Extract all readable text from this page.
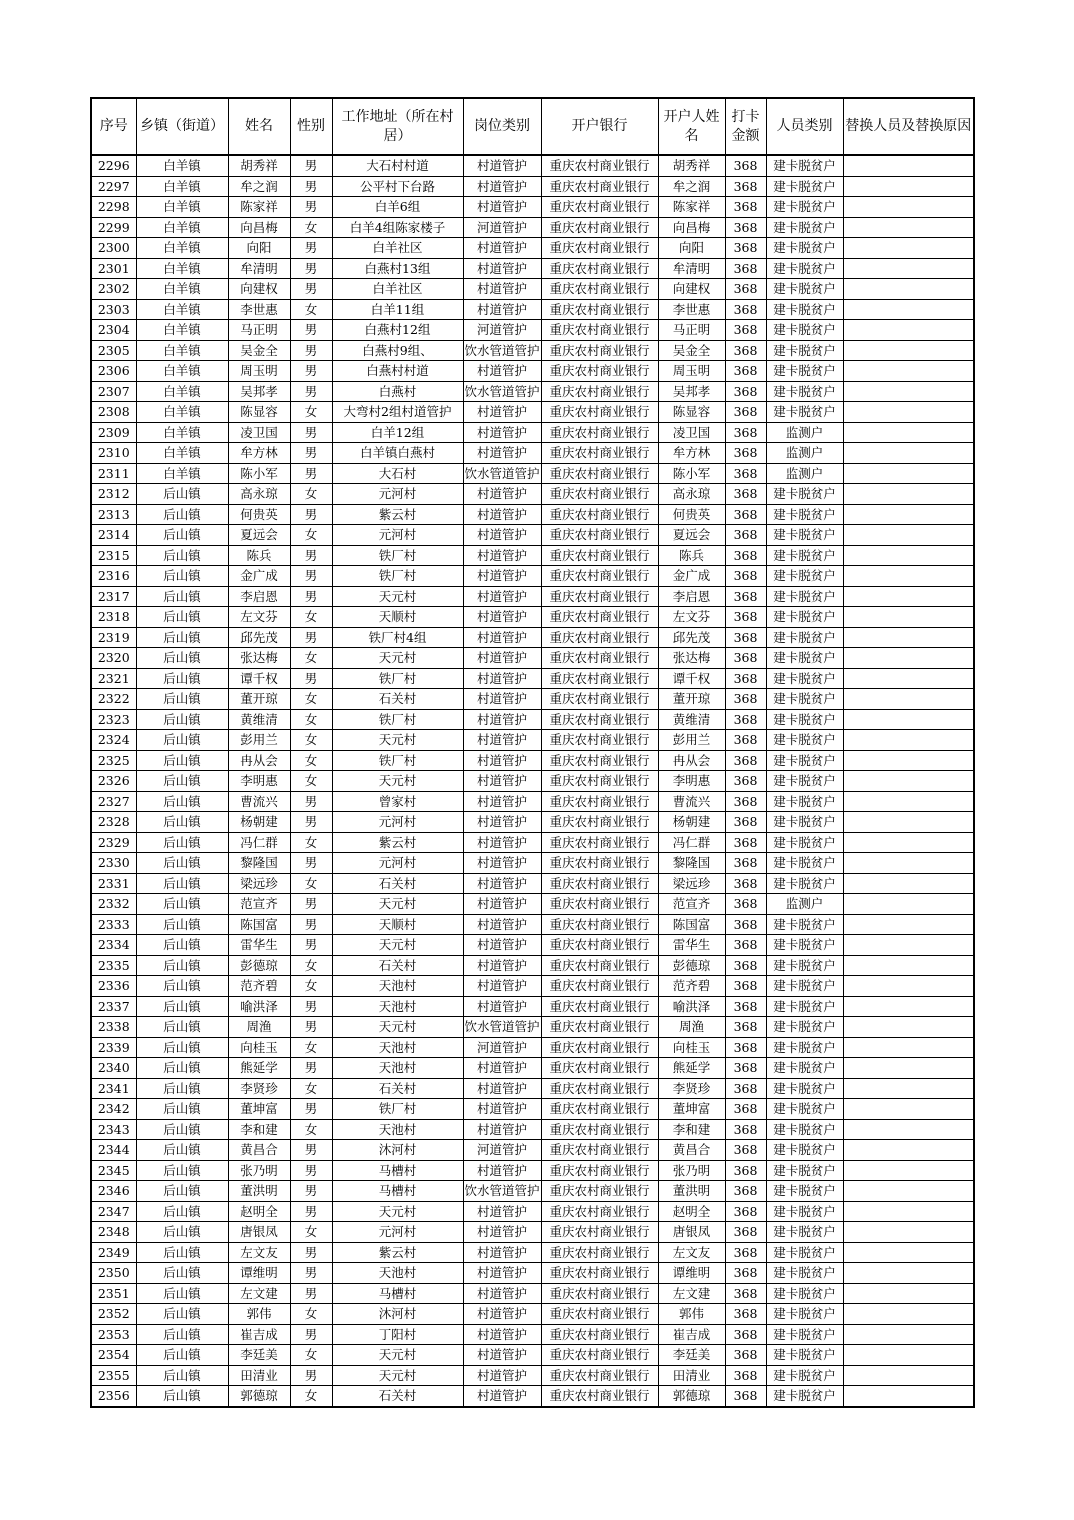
序号	乡镇（街道）	姓名	性别	工作地址（所在村居）	岗位类别	开户银行	开户人姓名	打卡金额	人员类别	替换人员及替换原因
2296	白羊镇	胡秀祥	男	大石村村道	村道管护	重庆农村商业银行	胡秀祥	368	建卡脱贫户	
2297	白羊镇	牟之润	男	公平村下台路	村道管护	重庆农村商业银行	牟之润	368	建卡脱贫户	
2298	白羊镇	陈家祥	男	白羊6组	村道管护	重庆农村商业银行	陈家祥	368	建卡脱贫户	
2299	白羊镇	向昌梅	女	白羊4组陈家楼子	河道管护	重庆农村商业银行	向昌梅	368	建卡脱贫户	
2300	白羊镇	向阳	男	白羊社区	村道管护	重庆农村商业银行	向阳	368	建卡脱贫户	
2301	白羊镇	牟清明	男	白燕村13组	村道管护	重庆农村商业银行	牟清明	368	建卡脱贫户	
2302	白羊镇	向建权	男	白羊社区	村道管护	重庆农村商业银行	向建权	368	建卡脱贫户	
2303	白羊镇	李世惠	女	白羊11组	村道管护	重庆农村商业银行	李世惠	368	建卡脱贫户	
2304	白羊镇	马正明	男	白燕村12组	河道管护	重庆农村商业银行	马正明	368	建卡脱贫户	
2305	白羊镇	吴金全	男	白燕村9组、	饮水管道管护	重庆农村商业银行	吴金全	368	建卡脱贫户	
2306	白羊镇	周玉明	男	白燕村村道	村道管护	重庆农村商业银行	周玉明	368	建卡脱贫户	
2307	白羊镇	吴邦孝	男	白燕村	饮水管道管护	重庆农村商业银行	吴邦孝	368	建卡脱贫户	
2308	白羊镇	陈显容	女	大弯村2组村道管护	村道管护	重庆农村商业银行	陈显容	368	建卡脱贫户	
2309	白羊镇	凌卫国	男	白羊12组	村道管护	重庆农村商业银行	凌卫国	368	监测户	
2310	白羊镇	牟方林	男	白羊镇白燕村	村道管护	重庆农村商业银行	牟方林	368	监测户	
2311	白羊镇	陈小军	男	大石村	饮水管道管护	重庆农村商业银行	陈小军	368	监测户	
2312	后山镇	高永琼	女	元河村	村道管护	重庆农村商业银行	高永琼	368	建卡脱贫户	
2313	后山镇	何贵英	男	紫云村	村道管护	重庆农村商业银行	何贵英	368	建卡脱贫户	
2314	后山镇	夏远会	女	元河村	村道管护	重庆农村商业银行	夏远会	368	建卡脱贫户	
2315	后山镇	陈兵	男	铁厂村	村道管护	重庆农村商业银行	陈兵	368	建卡脱贫户	
2316	后山镇	金广成	男	铁厂村	村道管护	重庆农村商业银行	金广成	368	建卡脱贫户	
2317	后山镇	李启恩	男	天元村	村道管护	重庆农村商业银行	李启恩	368	建卡脱贫户	
2318	后山镇	左文芬	女	天顺村	村道管护	重庆农村商业银行	左文芬	368	建卡脱贫户	
2319	后山镇	邱先茂	男	铁厂村4组	村道管护	重庆农村商业银行	邱先茂	368	建卡脱贫户	
2320	后山镇	张达梅	女	天元村	村道管护	重庆农村商业银行	张达梅	368	建卡脱贫户	
2321	后山镇	谭千权	男	铁厂村	村道管护	重庆农村商业银行	谭千权	368	建卡脱贫户	
2322	后山镇	董开琼	女	石关村	村道管护	重庆农村商业银行	董开琼	368	建卡脱贫户	
2323	后山镇	黄维清	女	铁厂村	村道管护	重庆农村商业银行	黄维清	368	建卡脱贫户	
2324	后山镇	彭用兰	女	天元村	村道管护	重庆农村商业银行	彭用兰	368	建卡脱贫户	
2325	后山镇	冉从会	女	铁厂村	村道管护	重庆农村商业银行	冉从会	368	建卡脱贫户	
2326	后山镇	李明惠	女	天元村	村道管护	重庆农村商业银行	李明惠	368	建卡脱贫户	
2327	后山镇	曹流兴	男	曾家村	村道管护	重庆农村商业银行	曹流兴	368	建卡脱贫户	
2328	后山镇	杨朝建	男	元河村	村道管护	重庆农村商业银行	杨朝建	368	建卡脱贫户	
2329	后山镇	冯仁群	女	紫云村	村道管护	重庆农村商业银行	冯仁群	368	建卡脱贫户	
2330	后山镇	黎隆国	男	元河村	村道管护	重庆农村商业银行	黎隆国	368	建卡脱贫户	
2331	后山镇	梁远珍	女	石关村	村道管护	重庆农村商业银行	梁远珍	368	建卡脱贫户	
2332	后山镇	范宣齐	男	天元村	村道管护	重庆农村商业银行	范宣齐	368	监测户	
2333	后山镇	陈国富	男	天顺村	村道管护	重庆农村商业银行	陈国富	368	建卡脱贫户	
2334	后山镇	雷华生	男	天元村	村道管护	重庆农村商业银行	雷华生	368	建卡脱贫户	
2335	后山镇	彭德琼	女	石关村	村道管护	重庆农村商业银行	彭德琼	368	建卡脱贫户	
2336	后山镇	范齐碧	女	天池村	村道管护	重庆农村商业银行	范齐碧	368	建卡脱贫户	
2337	后山镇	喻洪泽	男	天池村	村道管护	重庆农村商业银行	喻洪泽	368	建卡脱贫户	
2338	后山镇	周渔	男	天元村	饮水管道管护	重庆农村商业银行	周渔	368	建卡脱贫户	
2339	后山镇	向桂玉	女	天池村	河道管护	重庆农村商业银行	向桂玉	368	建卡脱贫户	
2340	后山镇	熊延学	男	天池村	村道管护	重庆农村商业银行	熊延学	368	建卡脱贫户	
2341	后山镇	李贤珍	女	石关村	村道管护	重庆农村商业银行	李贤珍	368	建卡脱贫户	
2342	后山镇	董坤富	男	铁厂村	村道管护	重庆农村商业银行	董坤富	368	建卡脱贫户	
2343	后山镇	李和建	女	天池村	村道管护	重庆农村商业银行	李和建	368	建卡脱贫户	
2344	后山镇	黄昌合	男	沐河村	河道管护	重庆农村商业银行	黄昌合	368	建卡脱贫户	
2345	后山镇	张乃明	男	马槽村	村道管护	重庆农村商业银行	张乃明	368	建卡脱贫户	
2346	后山镇	董洪明	男	马槽村	饮水管道管护	重庆农村商业银行	董洪明	368	建卡脱贫户	
2347	后山镇	赵明全	男	天元村	村道管护	重庆农村商业银行	赵明全	368	建卡脱贫户	
2348	后山镇	唐银凤	女	元河村	村道管护	重庆农村商业银行	唐银凤	368	建卡脱贫户	
2349	后山镇	左文友	男	紫云村	村道管护	重庆农村商业银行	左文友	368	建卡脱贫户	
2350	后山镇	谭维明	男	天池村	村道管护	重庆农村商业银行	谭维明	368	建卡脱贫户	
2351	后山镇	左文建	男	马槽村	村道管护	重庆农村商业银行	左文建	368	建卡脱贫户	
2352	后山镇	郭伟	女	沐河村	村道管护	重庆农村商业银行	郭伟	368	建卡脱贫户	
2353	后山镇	崔吉成	男	丁阳村	村道管护	重庆农村商业银行	崔吉成	368	建卡脱贫户	
2354	后山镇	李廷美	女	天元村	村道管护	重庆农村商业银行	李廷美	368	建卡脱贫户	
2355	后山镇	田清业	男	天元村	村道管护	重庆农村商业银行	田清业	368	建卡脱贫户	
2356	后山镇	郭德琼	女	石关村	村道管护	重庆农村商业银行	郭德琼	368	建卡脱贫户	
